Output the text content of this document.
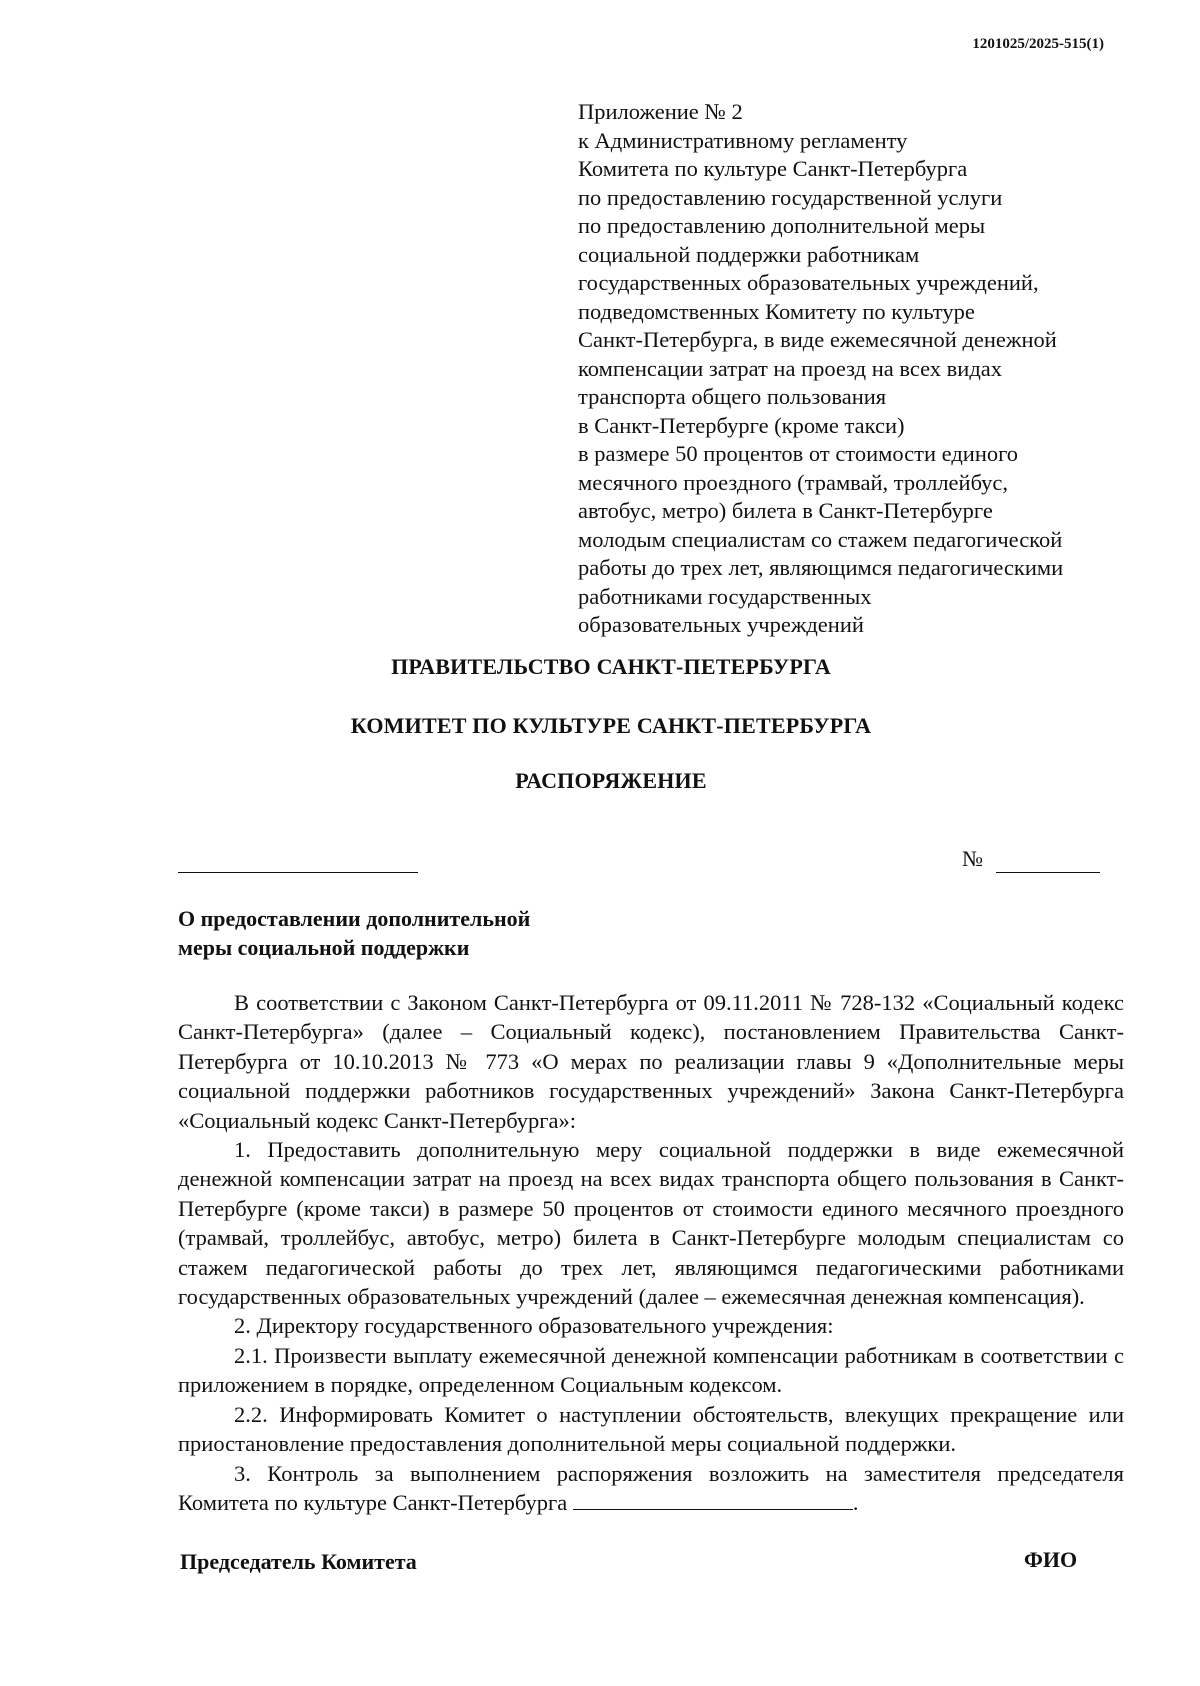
1201025/2025-515(1)
Приложение № 2
к Административному регламенту
Комитета по культуре Санкт-Петербурга
по предоставлению государственной услуги
по предоставлению дополнительной меры
социальной поддержки работникам
государственных образовательных учреждений,
подведомственных Комитету по культуре
Санкт-Петербурга, в виде ежемесячной денежной
компенсации затрат на проезд на всех видах
транспорта общего пользования
в Санкт-Петербурге (кроме такси)
в размере 50 процентов от стоимости единого
месячного проездного (трамвай, троллейбус,
автобус, метро) билета в Санкт-Петербурге
молодым специалистам со стажем педагогической
работы до трех лет, являющимся педагогическими
работниками государственных
образовательных учреждений
ПРАВИТЕЛЬСТВО САНКТ-ПЕТЕРБУРГА
КОМИТЕТ ПО КУЛЬТУРЕ САНКТ-ПЕТЕРБУРГА
РАСПОРЯЖЕНИЕ
№
О предоставлении дополнительной
меры социальной поддержки

В соответствии с Законом Санкт-Петербурга от 09.11.2011 № 728-132 «Социальный кодекс Санкт-Петербурга» (далее – Социальный кодекс), постановлением Правительства Санкт-Петербурга от 10.10.2013 № 773 «О мерах по реализации главы 9 «Дополнительные меры социальной поддержки работников государственных учреждений» Закона Санкт-Петербурга «Социальный кодекс Санкт-Петербурга»:

1. Предоставить дополнительную меру социальной поддержки в виде ежемесячной денежной компенсации затрат на проезд на всех видах транспорта общего пользования в Санкт-Петербурге (кроме такси) в размере 50 процентов от стоимости единого месячного проездного (трамвай, троллейбус, автобус, метро) билета в Санкт-Петербурге молодым специалистам со стажем педагогической работы до трех лет, являющимся педагогическими работниками государственных образовательных учреждений (далее – ежемесячная денежная компенсация).

2. Директору государственного образовательного учреждения:

2.1. Произвести выплату ежемесячной денежной компенсации работникам в соответствии с приложением в порядке, определенном Социальным кодексом.

2.2. Информировать Комитет о наступлении обстоятельств, влекущих прекращение или приостановление предоставления дополнительной меры социальной поддержки.

3. Контроль за выполнением распоряжения возложить на заместителя председателя Комитета по культуре Санкт-Петербурга	.

Председатель Комитета	ФИО
